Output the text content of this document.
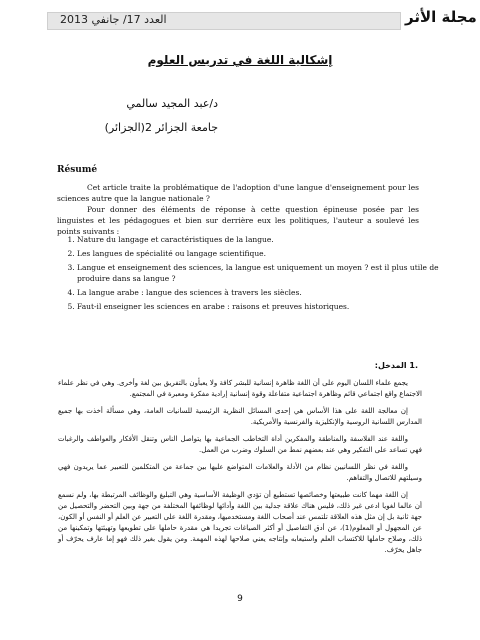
العدد 17/ جانفي 2013	مجلة الأثر
إشكالية اللغة في تدريس العلوم
د/عبد المجيد سالمي
جامعة الجزائر 2(الجزائر)
Résumé

Cet article traite la problématique de l'adoption d'une langue d'enseignement pour les sciences autre que la langue nationale ?

Pour donner des éléments de réponse à cette question épineuse posée par les linguistes et les pédagogues et bien sur derrière eux les politiques, l'auteur a soulevé les points suivants :

1. Nature du langage et caractéristiques de la langue.
2. Les langues de spécialité ou langage scientifique.
3. Langue et enseignement des sciences, la langue est uniquement un moyen ? est il plus utile de produire dans sa langue ?
4. La langue arabe : langue des sciences à travers les siècles.
5. Faut-il enseigner les sciences en arabe : raisons et preuves historiques.
.1 المدخل:

يجمع علماء اللسان اليوم على أن اللغة ظاهرة إنسانية للبشر كافة ولا يعبأون بالتفريق بين لغة وأخرى. وهي في نظر علماء الاجتماع واقع اجتماعي قائم وظاهرة اجتماعية متفاعلة وقوة إنسانية إرادية مفكرة ومعبرة في المجتمع.

إن معالجة اللغة على هذا الأساس هي إحدى المسائل النظرية الرئيسية للسانيات العامة، وهي مسألة أخذت بها جميع المدارس اللسانية الروسية والإنكليزية والفرنسية والأمريكية.

واللغة عند الفلاسفة والمناطقة والمفكرين أداة التخاطب الجماعية بها يتواصل الناس وتنقل الأفكار والعواطف والرغبات فهي تساعد على التفكير وهي عند بعضهم نمط من السلوك وضرب من العمل.

واللغة في نظر اللسانيين نظام من الأدلة والعلامات المتواضع عليها بين جماعة من المتكلمين للتعبير عما يريدون فهي وسيلتهم للاتصال والتفاهم.

إن اللغة مهما كانت طبيعتها وخصائصها تستطيع أن تؤدي الوظيفة الأساسية وهي التبليغ والوظائف المرتبطة بها، ولم نسمع أن عالما لغويا ادعى غير ذلك، فليس هناك علاقة جدلية بين اللغة وأدائها لوظائفها المختلفة من جهة وبين التحضر والتحصيل من جهة ثانية بل إن مثل هذه العلاقة تلتمس عند أصحاب اللغة ومستخدميها، ومقدرة اللغة على التعبير عن العلم أو النفس أو الكون، عن المجهول أو المعلوم(1)، عن أدق التفاصيل أو أكثر الصياغات تجريدا هي مقدرة حاملها على تطويعها وتهيئتها وتمكينها من ذلك، وصلاح حاملها للاكتساب العلم واستيعابه وإنتاجه يعني صلاحها لهذه المهمة. ومن يقول بغير ذلك فهو إما عارف يحرّف أو جاهل يخرّف.

9
